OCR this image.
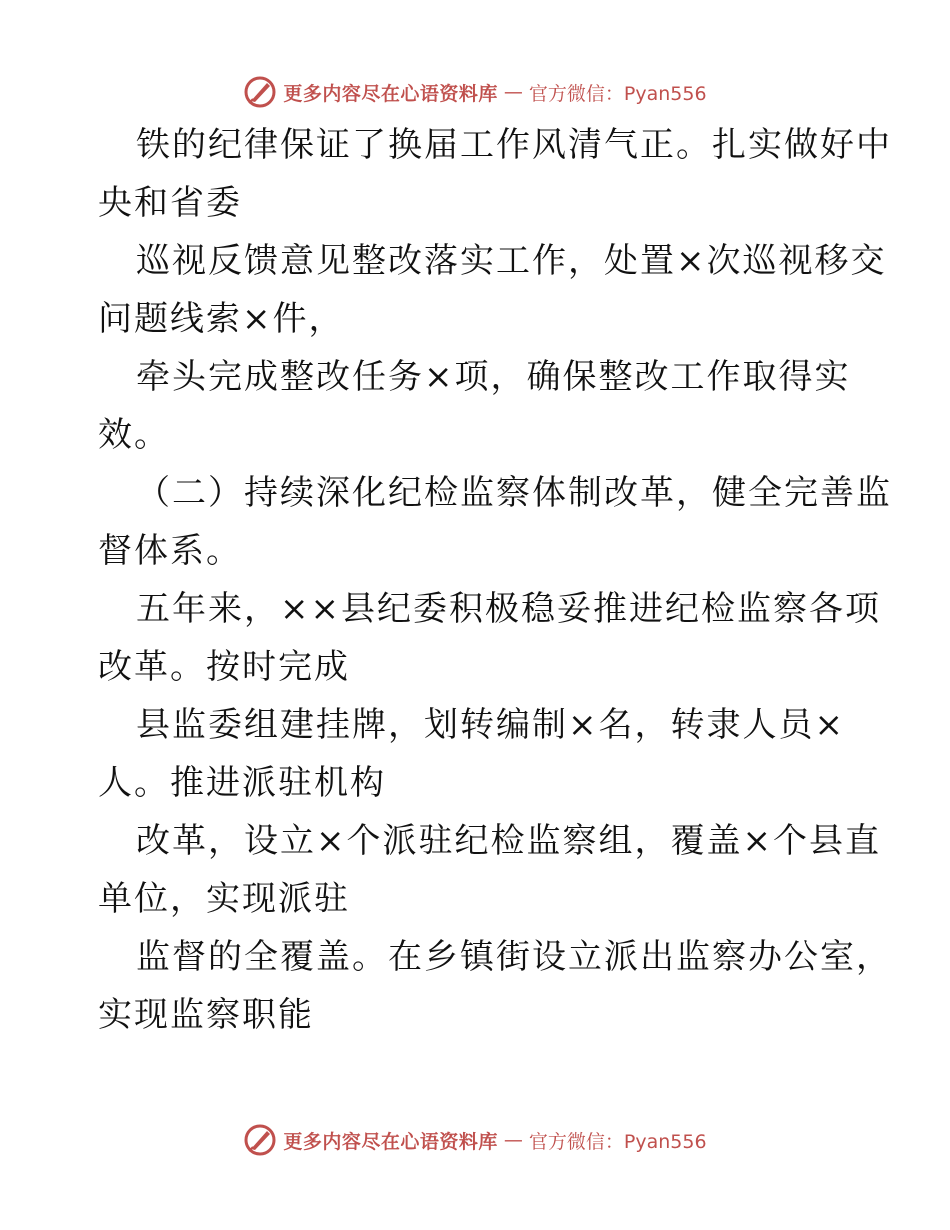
更多内容尽在心语资料库 — 官方微信：Pyan556
铁的纪律保证了换届工作风清气正。扎实做好中
央和省委
巡视反馈意见整改落实工作，处置×次巡视移交
问题线索×件，
牵头完成整改任务×项，确保整改工作取得实
效。
（二）持续深化纪检监察体制改革，健全完善监
督体系。
五年来，××县纪委积极稳妥推进纪检监察各项
改革。按时完成
县监委组建挂牌，划转编制×名，转隶人员×
人。推进派驻机构
改革，设立×个派驻纪检监察组，覆盖×个县直
单位，实现派驻
监督的全覆盖。在乡镇街设立派出监察办公室，
实现监察职能
更多内容尽在心语资料库 — 官方微信：Pyan556
